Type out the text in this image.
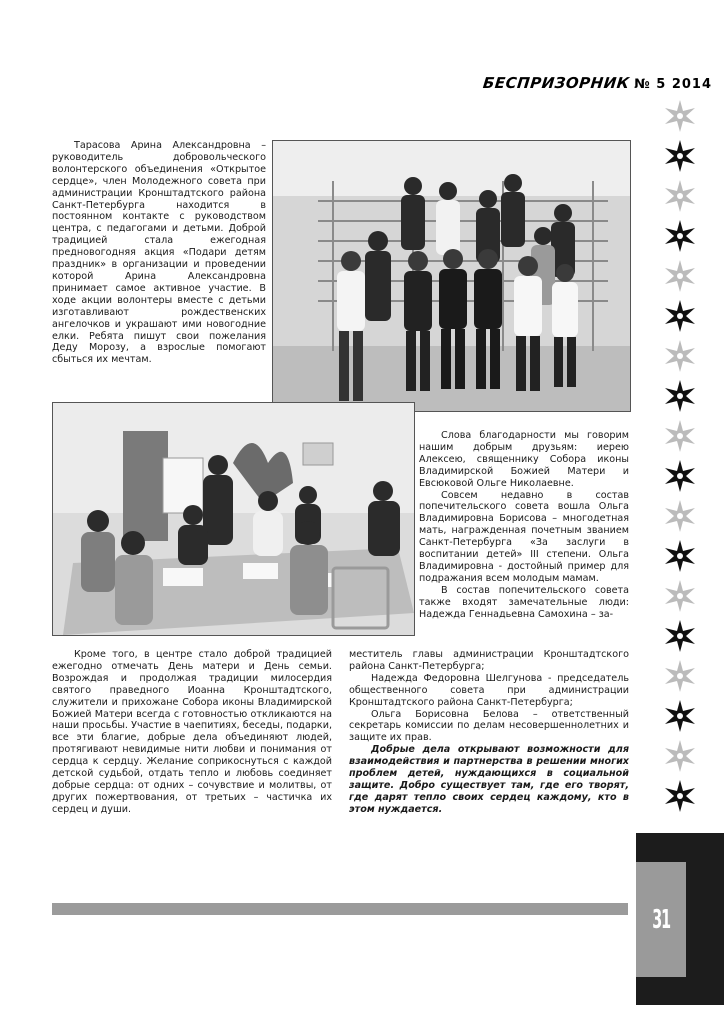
БЕСПРИЗОРНИК № 5 2014

Тарасова Арина Александровна – руководитель добровольческого волонтерского объединения «Открытое сердце», член Молодежного совета при администрации Кронштадтского района Санкт-Петербурга находится в постоянном контакте с руководством центра, с педагогами и детьми. Доброй традицией стала ежегодная предновогодняя акция «Подари детям праздник» в организации и проведении которой Арина Александровна принимает самое активное участие. В ходе акции волонтеры вместе с детьми изготавливают рождественских ангелочков и украшают ими новогодние елки. Ребята пишут свои пожелания Деду Морозу, а взрослые помогают сбыться их мечтам.

Слова благодарности мы говорим нашим добрым друзьям: иерею Алексею, священнику Собора иконы Владимирской Божией Матери и Евсюковой Ольге Николаевне.

Совсем недавно в состав попечительского совета вошла Ольга Владимировна Борисова – многодетная мать, награжденная почетным званием Санкт-Петербурга «За заслуги в воспитании детей» III степени. Ольга Владимировна - достойный пример для подражания всем молодым мамам.

В состав попечительского совета также входят замечательные люди: Надежда Геннадьевна Самохина – за-

Кроме того, в центре стало доброй традицией ежегодно отмечать День матери и День семьи. Возрождая и продолжая традиции милосердия святого праведного Иоанна Кронштадтского, служители и прихожане Собора иконы Владимирской Божией Матери всегда с готовностью откликаются на наши просьбы. Участие в чаепитиях, беседы, подарки, все эти благие, добрые дела объединяют людей, протягивают невидимые нити любви и понимания от сердца к сердцу. Желание соприкоснуться с каждой детской судьбой, отдать тепло и любовь соединяет добрые сердца: от одних – сочувствие и молитвы, от других пожертвования, от третьих – частичка их сердец и души.

меститель главы администрации Кронштадтского района Санкт-Петербурга;

Надежда Федоровна Шелгунова - председатель общественного совета при администрации Кронштадтского района Санкт-Петербурга;

Ольга Борисовна Белова – ответственный секретарь комиссии по делам несовершеннолетних и защите их прав.

Добрые дела открывают возможности для взаимодействия и партнерства в решении многих проблем детей, нуждающихся в социальной защите. Добро существует там, где его творят, где дарят тепло своих сердец каждому, кто в этом нуждается.

31
